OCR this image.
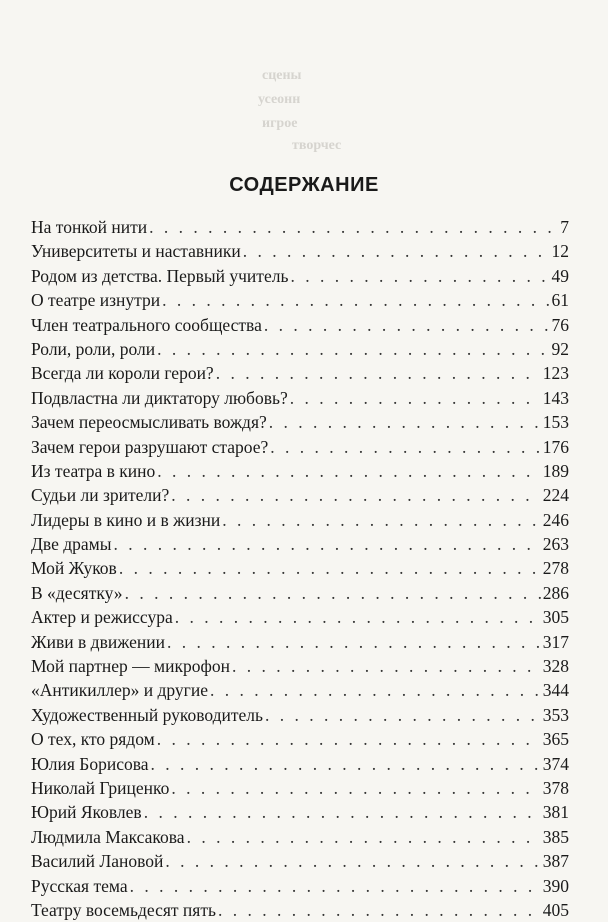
сцены
усеонн
игрое
творчес
СОДЕРЖАНИЕ
На тонкой нити . . .	7
Университеты и наставники . . .	12
Родом из детства. Первый учитель . . .	49
О театре изнутри . . .	61
Член театрального сообщества . . .	76
Роли, роли, роли . . .	92
Всегда ли короли герои? . . .	123
Подвластна ли диктатору любовь? . . .	143
Зачем переосмысливать вождя? . . .	153
Зачем герои разрушают старое? . . .	176
Из театра в кино . . .	189
Судьи ли зрители? . . .	224
Лидеры в кино и в жизни . . .	246
Две драмы . . .	263
Мой Жуков . . .	278
В «десятку» . . .	286
Актер и режиссура . . .	305
Живи в движении . . .	317
Мой партнер — микрофон . . .	328
«Антикиллер» и другие . . .	344
Художественный руководитель . . .	353
О тех, кто рядом . . .	365
Юлия Борисова . . .	374
Николай Гриценко . . .	378
Юрий Яковлев . . .	381
Людмила Максакова . . .	385
Василий Лановой . . .	387
Русская тема . . .	390
Театру восемьдесят пять . . .	405
